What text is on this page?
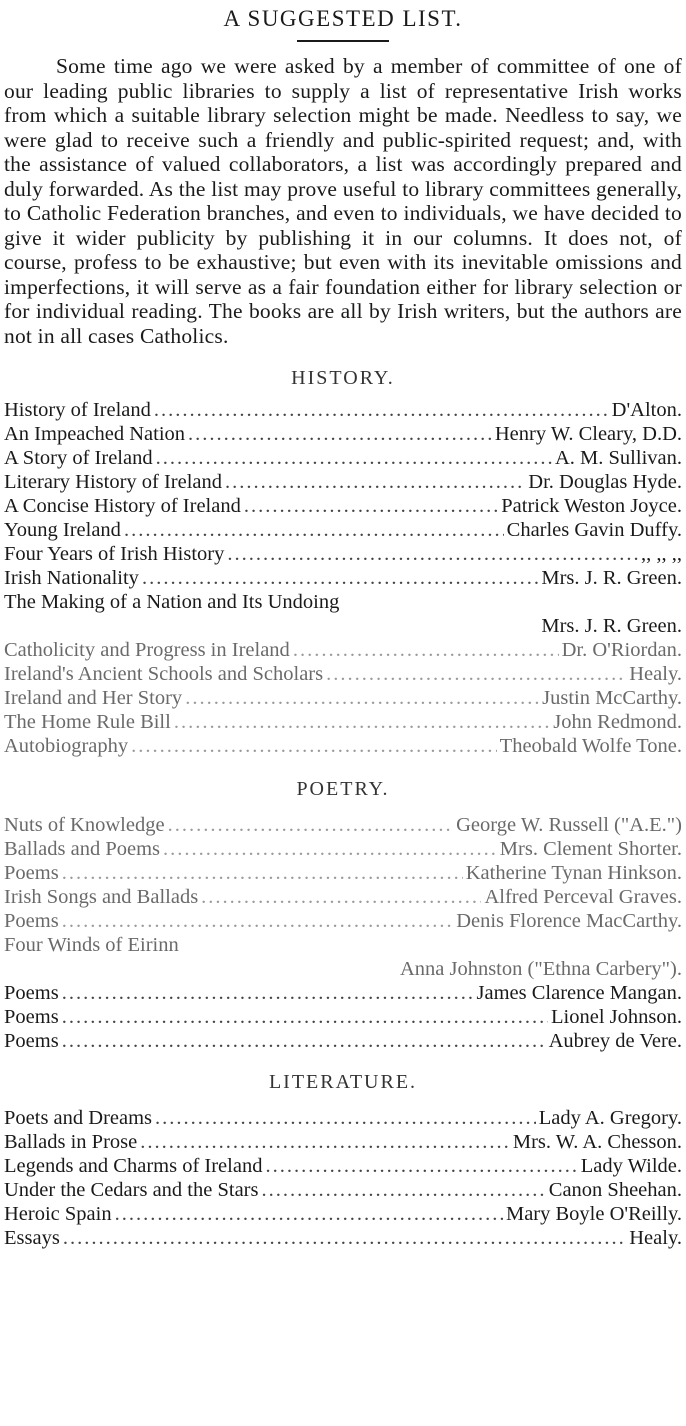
A SUGGESTED LIST.

Some time ago we were asked by a member of committee of one of our leading public libraries to supply a list of representative Irish works from which a suitable library selection might be made. Needless to say, we were glad to receive such a friendly and public-spirited request; and, with the assistance of valued collaborators, a list was accordingly prepared and duly forwarded. As the list may prove useful to library committees generally, to Catholic Federation branches, and even to individuals, we have decided to give it wider publicity by publishing it in our columns. It does not, of course, profess to be exhaustive; but even with its inevitable omissions and imperfections, it will serve as a fair foundation either for library selection or for individual reading. The books are all by Irish writers, but the authors are not in all cases Catholics.

HISTORY.
History of Ireland .....	D'Alton.
An Impeached Nation .....	Henry W. Cleary, D.D.
A Story of Ireland .....	A. M. Sullivan.
Literary History of Ireland .....	Dr. Douglas Hyde.
A Concise History of Ireland .....	Patrick Weston Joyce.
Young Ireland .....	Charles Gavin Duffy.
Four Years of Irish History .....	,, ,, ,,
Irish Nationality .....	Mrs. J. R. Green.
The Making of a Nation and Its Undoing
Mrs. J. R. Green.
Catholicity and Progress in Ireland .....	Dr. O'Riordan.
Ireland's Ancient Schools and Scholars .....	Healy.
Ireland and Her Story .....	Justin McCarthy.
The Home Rule Bill .....	John Redmond.
Autobiography .....	Theobald Wolfe Tone.
POETRY.
Nuts of Knowledge .....	George W. Russell ("A.E.")
Ballads and Poems .....	Mrs. Clement Shorter.
Poems .....	Katherine Tynan Hinkson.
Irish Songs and Ballads .....	Alfred Perceval Graves.
Poems .....	Denis Florence MacCarthy.
Four Winds of Eirinn
Anna Johnston ("Ethna Carbery").
Poems .....	James Clarence Mangan.
Poems .....	Lionel Johnson.
Poems .....	Aubrey de Vere.
LITERATURE.
Poets and Dreams .....	Lady A. Gregory.
Ballads in Prose .....	Mrs. W. A. Chesson.
Legends and Charms of Ireland .....	Lady Wilde.
Under the Cedars and the Stars .....	Canon Sheehan.
Heroic Spain .....	Mary Boyle O'Reilly.
Essays .....	Healy.
